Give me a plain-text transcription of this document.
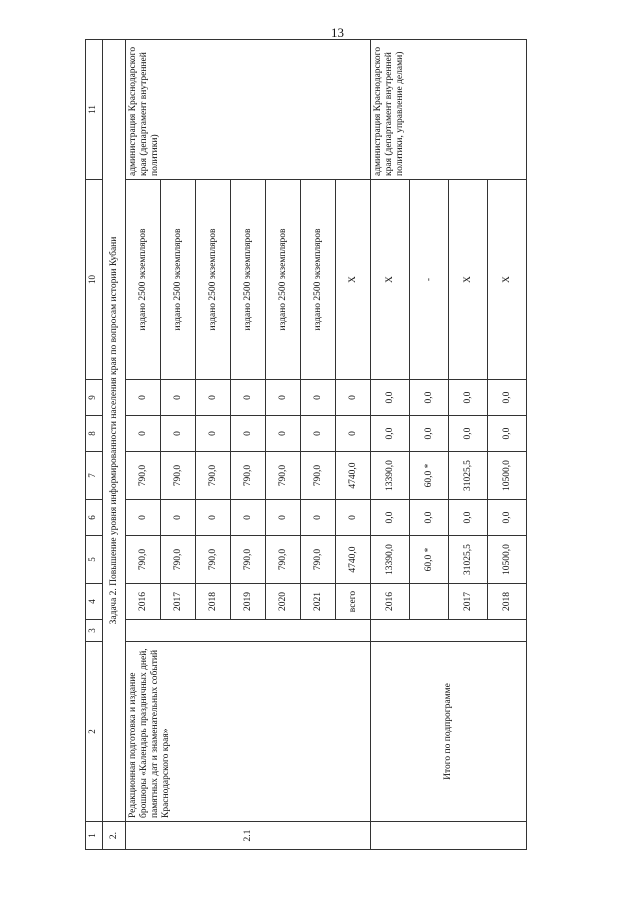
13
1	2	3	4	5	6	7	8	9	10	11
2.	Задача 2. Повышение уровня информированности населения края по вопросам истории Кубани									
2.1	Редакционная подготовка и издание брошюры «Календарь праздничных дней, памятных дат и знаменательных событий Краснодарского края»		2016	790,0	0	790,0	0	0	издано 2500 экземпляров	администрация Краснодарского края (департамент внутренней политики)
			2017	790,0	0	790,0	0	0	издано 2500 экземпляров	
			2018	790,0	0	790,0	0	0	издано 2500 экземпляров	
			2019	790,0	0	790,0	0	0	издано 2500 экземпляров	
			2020	790,0	0	790,0	0	0	издано 2500 экземпляров	
			2021	790,0	0	790,0	0	0	издано 2500 экземпляров	
			всего	4740,0	0	4740,0	0	0	X	
	Итого по подпрограмме		2016	13390,0	0,0	13390,0	0,0	0,0	X	администрация Краснодарского края (департамент внутренней политики, управление делами)
				60,0 *	0,0	60,0 *	0,0	0,0	-	
			2017	31025,5	0,0	31025,5	0,0	0,0	X	
			2018	10500,0	0,0	10500,0	0,0	0,0	X	
